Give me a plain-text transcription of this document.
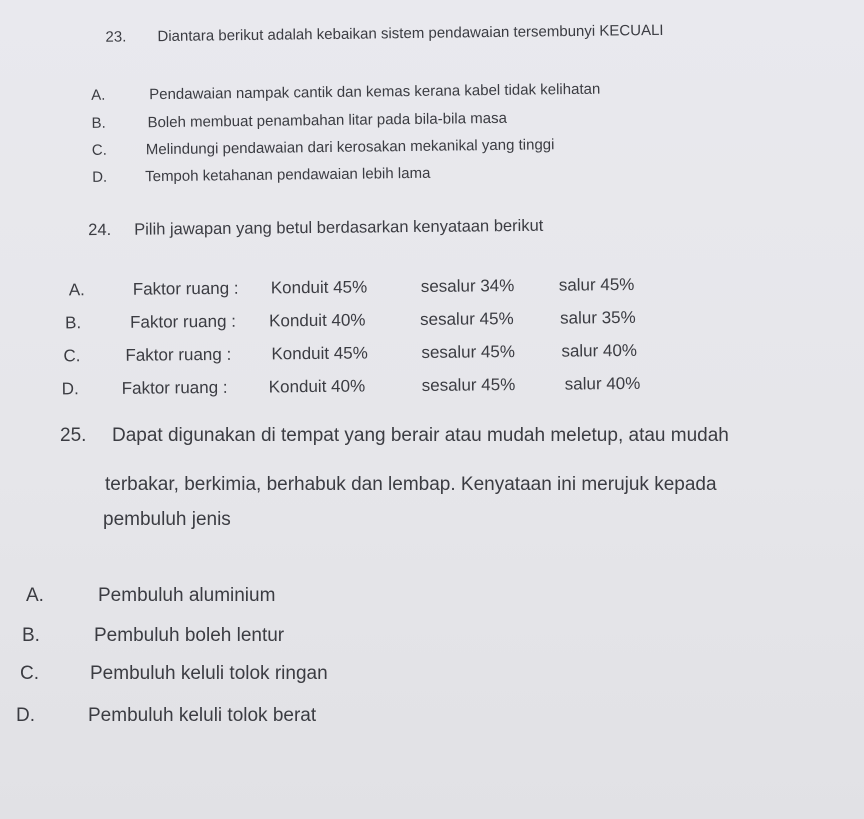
23. Diantara berikut adalah kebaikan sistem pendawaian tersembunyi KECUALI
A.	Pendawaian nampak cantik dan kemas kerana kabel tidak kelihatan
B.	Boleh membuat penambahan litar pada bila-bila masa
C.	Melindungi pendawaian dari kerosakan mekanikal yang tinggi
D.	Tempoh ketahanan pendawaian lebih lama
24. Pilih jawapan yang betul berdasarkan kenyataan berikut
A.	Faktor ruang : Konduit 45%	sesalur 34%	salur 45%
B.	Faktor ruang : Konduit 40%	sesalur 45%	salur 35%
C.	Faktor ruang : Konduit 45%	sesalur 45%	salur 40%
D.	Faktor ruang : Konduit 40%	sesalur 45%	salur 40%
25. Dapat digunakan di tempat yang berair atau mudah meletup, atau mudah
terbakar, berkimia, berhabuk dan lembap. Kenyataan ini merujuk kepada
pembuluh jenis
A.	Pembuluh aluminium
B.	Pembuluh boleh lentur
C.	Pembuluh keluli tolok ringan
D.	Pembuluh keluli tolok berat
